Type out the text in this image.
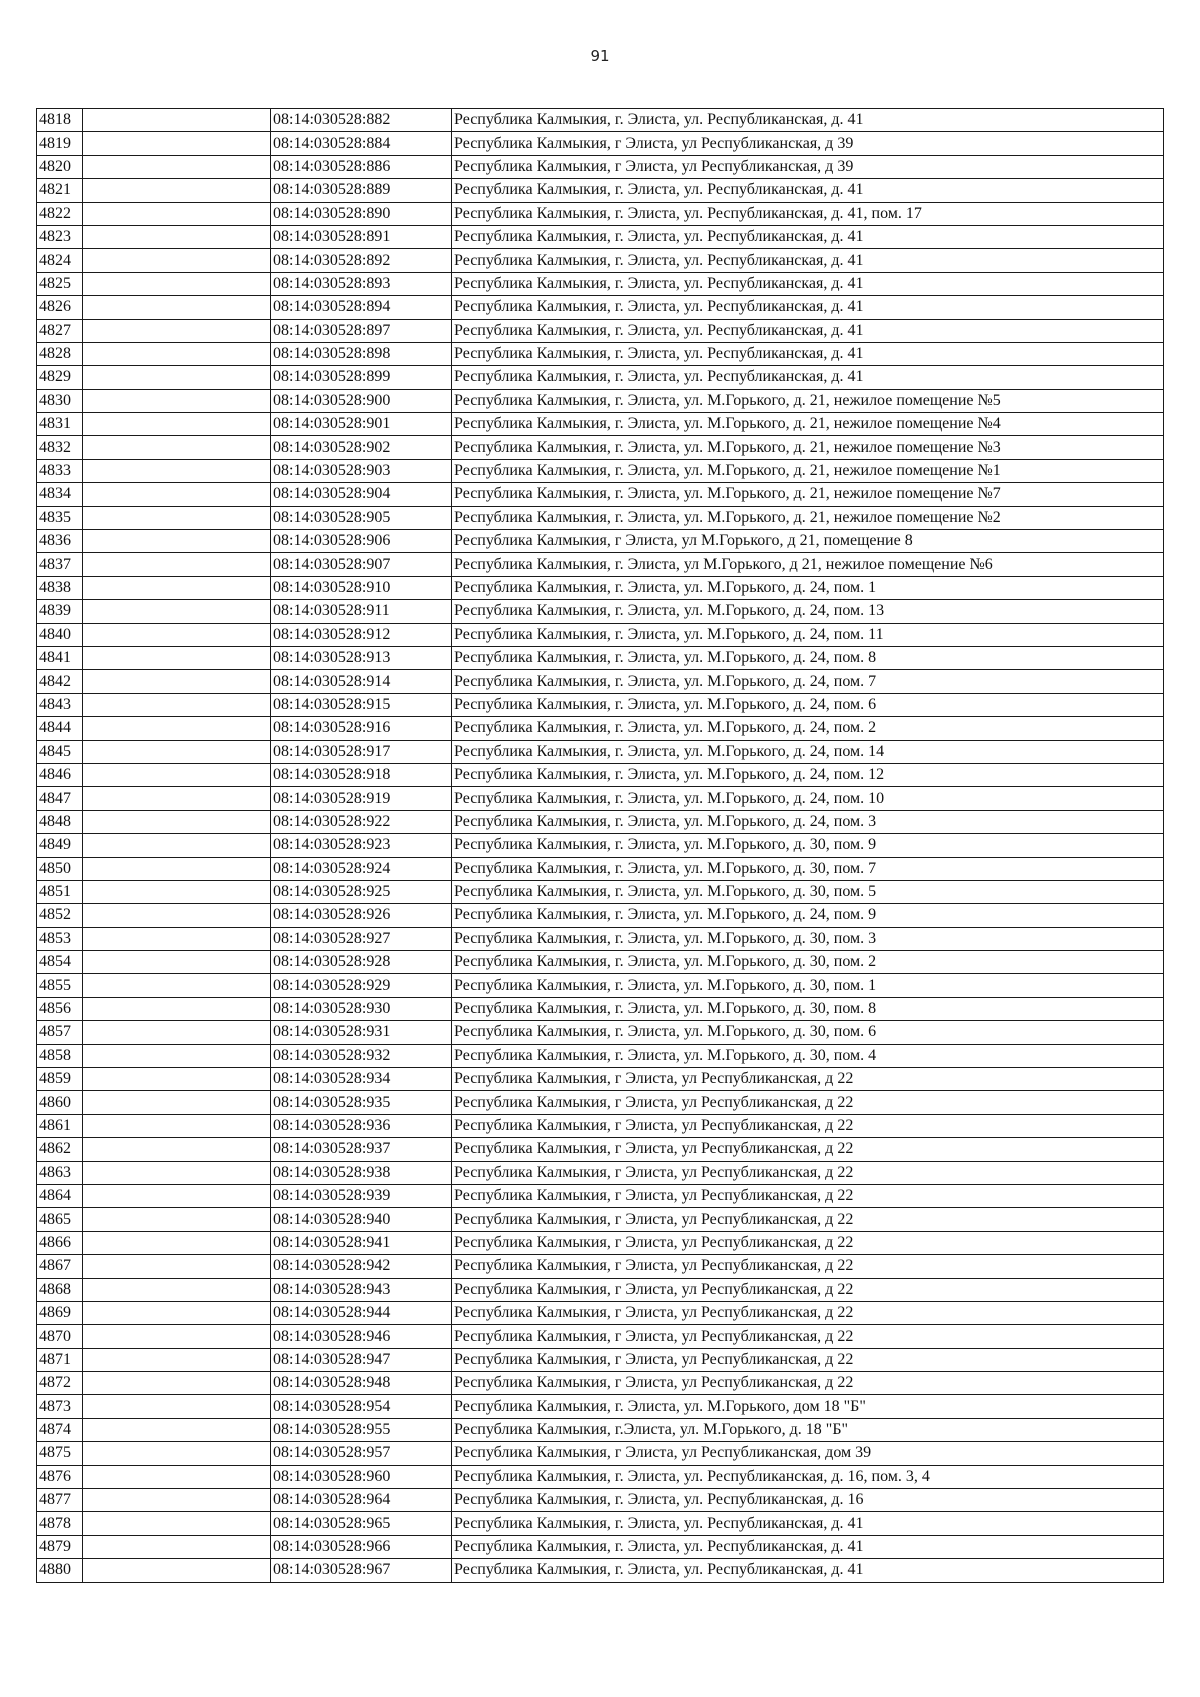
91
4818		08:14:030528:882	Республика Калмыкия, г. Элиста, ул. Республиканская, д. 41
4819		08:14:030528:884	Республика Калмыкия, г Элиста, ул Республиканская, д 39
4820		08:14:030528:886	Республика Калмыкия, г Элиста, ул Республиканская, д 39
4821		08:14:030528:889	Республика Калмыкия, г. Элиста, ул. Республиканская, д. 41
4822		08:14:030528:890	Республика Калмыкия, г. Элиста, ул. Республиканская, д. 41, пом. 17
4823		08:14:030528:891	Республика Калмыкия, г. Элиста, ул. Республиканская, д. 41
4824		08:14:030528:892	Республика Калмыкия, г. Элиста, ул. Республиканская, д. 41
4825		08:14:030528:893	Республика Калмыкия, г. Элиста, ул. Республиканская, д. 41
4826		08:14:030528:894	Республика Калмыкия, г. Элиста, ул. Республиканская, д. 41
4827		08:14:030528:897	Республика Калмыкия, г. Элиста, ул. Республиканская, д. 41
4828		08:14:030528:898	Республика Калмыкия, г. Элиста, ул. Республиканская, д. 41
4829		08:14:030528:899	Республика Калмыкия, г. Элиста, ул. Республиканская, д. 41
4830		08:14:030528:900	Республика Калмыкия, г. Элиста, ул. М.Горького, д. 21, нежилое помещение №5
4831		08:14:030528:901	Республика Калмыкия, г. Элиста, ул. М.Горького, д. 21, нежилое помещение №4
4832		08:14:030528:902	Республика Калмыкия, г. Элиста, ул. М.Горького, д. 21, нежилое помещение №3
4833		08:14:030528:903	Республика Калмыкия, г. Элиста, ул. М.Горького, д. 21, нежилое помещение №1
4834		08:14:030528:904	Республика Калмыкия, г. Элиста, ул. М.Горького, д. 21, нежилое помещение №7
4835		08:14:030528:905	Республика Калмыкия, г. Элиста, ул. М.Горького, д. 21, нежилое помещение №2
4836		08:14:030528:906	Республика Калмыкия, г Элиста, ул М.Горького, д 21, помещение 8
4837		08:14:030528:907	Республика Калмыкия, г. Элиста, ул М.Горького, д 21, нежилое помещение №6
4838		08:14:030528:910	Республика Калмыкия, г. Элиста, ул. М.Горького, д. 24, пом. 1
4839		08:14:030528:911	Республика Калмыкия, г. Элиста, ул. М.Горького, д. 24, пом. 13
4840		08:14:030528:912	Республика Калмыкия, г. Элиста, ул. М.Горького, д. 24, пом. 11
4841		08:14:030528:913	Республика Калмыкия, г. Элиста, ул. М.Горького, д. 24, пом. 8
4842		08:14:030528:914	Республика Калмыкия, г. Элиста, ул. М.Горького, д. 24, пом. 7
4843		08:14:030528:915	Республика Калмыкия, г. Элиста, ул. М.Горького, д. 24, пом. 6
4844		08:14:030528:916	Республика Калмыкия, г. Элиста, ул. М.Горького, д. 24, пом. 2
4845		08:14:030528:917	Республика Калмыкия, г. Элиста, ул. М.Горького, д. 24, пом. 14
4846		08:14:030528:918	Республика Калмыкия, г. Элиста, ул. М.Горького, д. 24, пом. 12
4847		08:14:030528:919	Республика Калмыкия, г. Элиста, ул. М.Горького, д. 24, пом. 10
4848		08:14:030528:922	Республика Калмыкия, г. Элиста, ул. М.Горького, д. 24, пом. 3
4849		08:14:030528:923	Республика Калмыкия, г. Элиста, ул. М.Горького, д. 30, пом. 9
4850		08:14:030528:924	Республика Калмыкия, г. Элиста, ул. М.Горького, д. 30, пом. 7
4851		08:14:030528:925	Республика Калмыкия, г. Элиста, ул. М.Горького, д. 30, пом. 5
4852		08:14:030528:926	Республика Калмыкия, г. Элиста, ул. М.Горького, д. 24, пом. 9
4853		08:14:030528:927	Республика Калмыкия, г. Элиста, ул. М.Горького, д. 30, пом. 3
4854		08:14:030528:928	Республика Калмыкия, г. Элиста, ул. М.Горького, д. 30, пом. 2
4855		08:14:030528:929	Республика Калмыкия, г. Элиста, ул. М.Горького, д. 30, пом. 1
4856		08:14:030528:930	Республика Калмыкия, г. Элиста, ул. М.Горького, д. 30, пом. 8
4857		08:14:030528:931	Республика Калмыкия, г. Элиста, ул. М.Горького, д. 30, пом. 6
4858		08:14:030528:932	Республика Калмыкия, г. Элиста, ул. М.Горького, д. 30, пом. 4
4859		08:14:030528:934	Республика Калмыкия, г Элиста, ул Республиканская, д 22
4860		08:14:030528:935	Республика Калмыкия, г Элиста, ул Республиканская, д 22
4861		08:14:030528:936	Республика Калмыкия, г Элиста, ул Республиканская, д 22
4862		08:14:030528:937	Республика Калмыкия, г Элиста, ул Республиканская, д 22
4863		08:14:030528:938	Республика Калмыкия, г Элиста, ул Республиканская, д 22
4864		08:14:030528:939	Республика Калмыкия, г Элиста, ул Республиканская, д 22
4865		08:14:030528:940	Республика Калмыкия, г Элиста, ул Республиканская, д 22
4866		08:14:030528:941	Республика Калмыкия, г Элиста, ул Республиканская, д 22
4867		08:14:030528:942	Республика Калмыкия, г Элиста, ул Республиканская, д 22
4868		08:14:030528:943	Республика Калмыкия, г Элиста, ул Республиканская, д 22
4869		08:14:030528:944	Республика Калмыкия, г Элиста, ул Республиканская, д 22
4870		08:14:030528:946	Республика Калмыкия, г Элиста, ул Республиканская, д 22
4871		08:14:030528:947	Республика Калмыкия, г Элиста, ул Республиканская, д 22
4872		08:14:030528:948	Республика Калмыкия, г Элиста, ул Республиканская, д 22
4873		08:14:030528:954	Республика Калмыкия, г. Элиста, ул. М.Горького, дом 18 "Б"
4874		08:14:030528:955	Республика Калмыкия, г.Элиста, ул. М.Горького, д. 18 "Б"
4875		08:14:030528:957	Республика Калмыкия, г Элиста, ул Республиканская, дом 39
4876		08:14:030528:960	Республика Калмыкия, г. Элиста, ул. Республиканская, д. 16, пом. 3, 4
4877		08:14:030528:964	Республика Калмыкия, г. Элиста, ул. Республиканская, д. 16
4878		08:14:030528:965	Республика Калмыкия, г. Элиста, ул. Республиканская, д. 41
4879		08:14:030528:966	Республика Калмыкия, г. Элиста, ул. Республиканская, д. 41
4880		08:14:030528:967	Республика Калмыкия, г. Элиста, ул. Республиканская, д. 41
